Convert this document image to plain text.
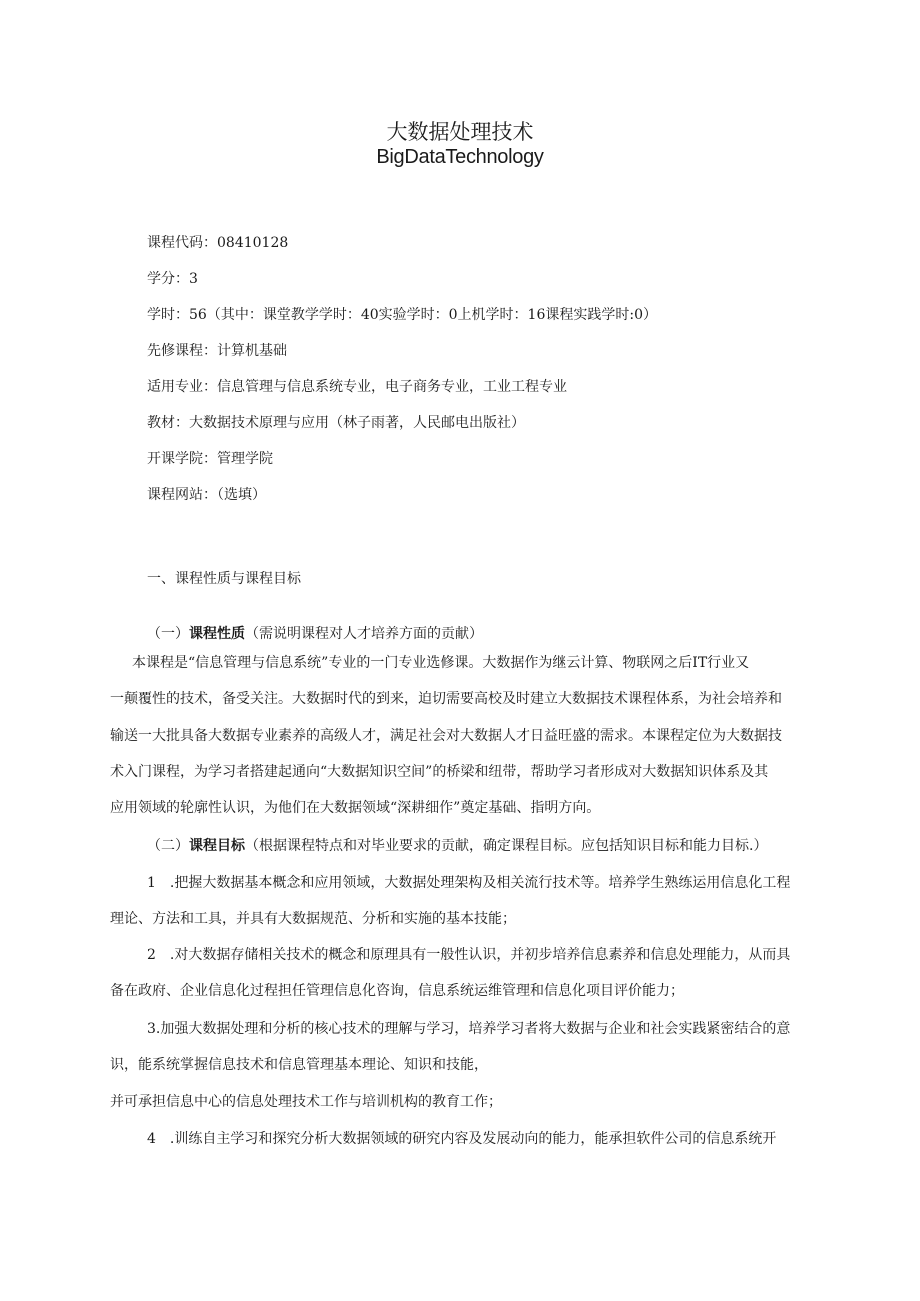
大数据处理技术
BigDataTechnology
课程代码：08410128
学分：3
学时：56（其中：课堂教学学时：40实验学时：0上机学时：16课程实践学时:0）
先修课程：计算机基础
适用专业：信息管理与信息系统专业，电子商务专业，工业工程专业
教材：大数据技术原理与应用（林子雨著，人民邮电出版社）
开课学院：管理学院
课程网站：（选填）
一、课程性质与课程目标
（一）课程性质（需说明课程对人才培养方面的贡献）
本课程是“信息管理与信息系统”专业的一门专业选修课。大数据作为继云计算、物联网之后IT行业又
一颠覆性的技术，备受关注。大数据时代的到来，迫切需要高校及时建立大数据技术课程体系，为社会培养和
输送一大批具备大数据专业素养的高级人才，满足社会对大数据人才日益旺盛的需求。本课程定位为大数据技
术入门课程，为学习者搭建起通向“大数据知识空间”的桥梁和纽带，帮助学习者形成对大数据知识体系及其
应用领域的轮廓性认识，为他们在大数据领域“深耕细作”奠定基础、指明方向。
（二）课程目标（根据课程特点和对毕业要求的贡献，确定课程目标。应包括知识目标和能力目标.）
1　.把握大数据基本概念和应用领域，大数据处理架构及相关流行技术等。培养学生熟练运用信息化工程
理论、方法和工具，并具有大数据规范、分析和实施的基本技能；
2　.对大数据存储相关技术的概念和原理具有一般性认识，并初步培养信息素养和信息处理能力，从而具
备在政府、企业信息化过程担任管理信息化咨询，信息系统运维管理和信息化项目评价能力；
3.加强大数据处理和分析的核心技术的理解与学习，培养学习者将大数据与企业和社会实践紧密结合的意
识，能系统掌握信息技术和信息管理基本理论、知识和技能，
并可承担信息中心的信息处理技术工作与培训机构的教育工作；
4　.训练自主学习和探究分析大数据领域的研究内容及发展动向的能力，能承担软件公司的信息系统开
